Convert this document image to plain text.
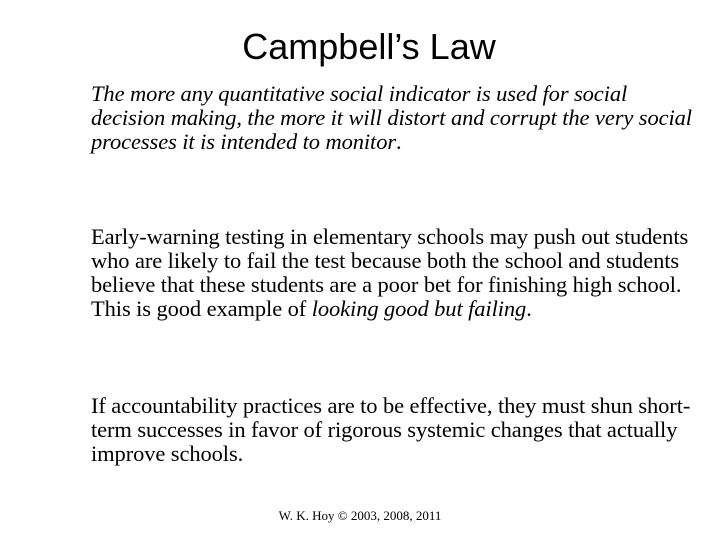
Campbell’s Law

The more any quantitative social indicator is used for social decision making, the more it will distort and corrupt the very social processes it is intended to monitor.

Early-warning testing in elementary schools may push out students who are likely to fail the test because both the school and students believe that these students are a poor bet for finishing high school. This is good example of looking good but failing.

If accountability practices are to be effective, they must shun short-term successes in favor of rigorous systemic changes that actually improve schools.

W. K. Hoy © 2003, 2008, 2011
